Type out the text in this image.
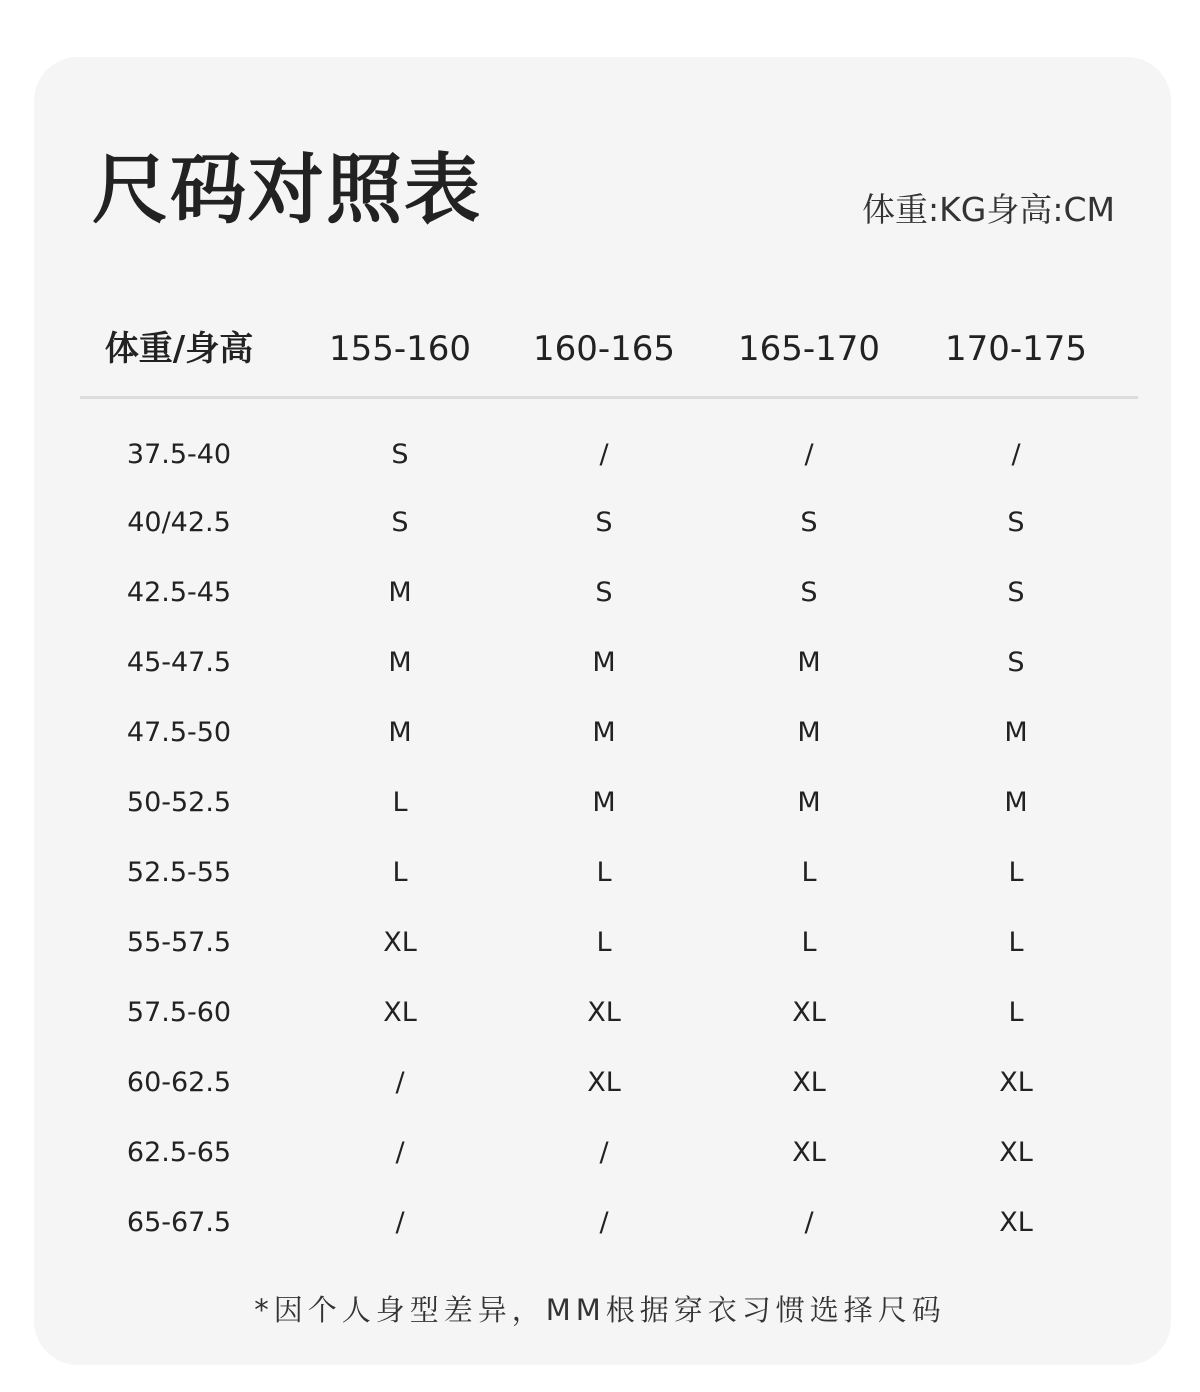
尺码对照表	体重:KG身高:CM
体重/身高 155-160 160-165 165-170 170-175
37.5-40	S	/	/	/
40/42.5	S	S	S	S
42.5-45	M	S	S	S
45-47.5	M	M	M	S
47.5-50	M	M	M	M
50-52.5	L	M	M	M
52.5-55	L	L	L	L
55-57.5	XL	L	L	L
57.5-60	XL	XL	XL	L
60-62.5	/	XL	XL	XL
62.5-65	/	/	XL	XL
65-67.5	/	/	/	XL
*因个人身型差异，MM根据穿衣习惯选择尺码
